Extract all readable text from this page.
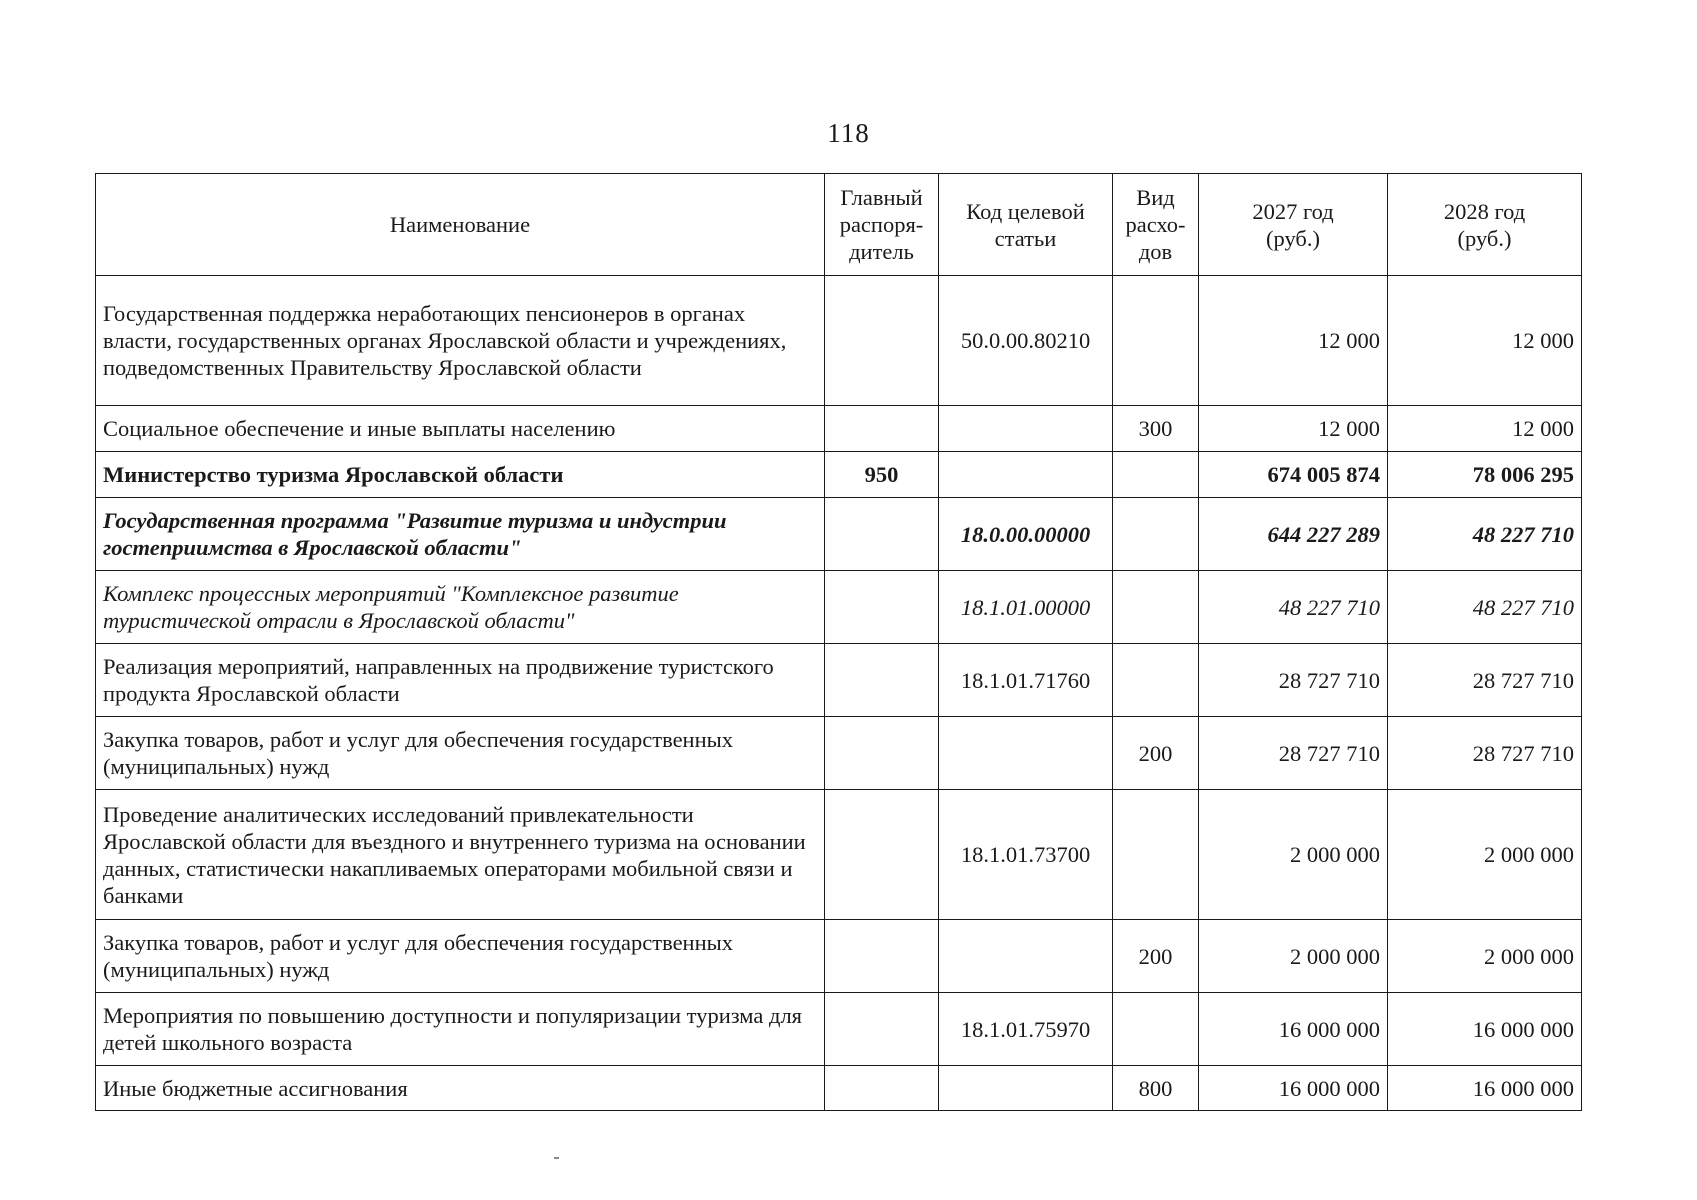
118
Наименование	Главный
распоря-
дитель	Код целевой
статьи	Вид
расхо-
дов	2027 год
(руб.)	2028 год
(руб.)

Государственная поддержка неработающих пенсионеров в органах власти, государственных органах Ярославской области и учреждениях, подведомственных Правительству Ярославской области		50.0.00.80210		12 000	12 000
Социальное обеспечение и иные выплаты населению			300	12 000	12 000
Министерство туризма Ярославской области	950			674 005 874	78 006 295
Государственная программа "Развитие туризма и индустрии гостеприимства в Ярославской области"		18.0.00.00000		644 227 289	48 227 710
Комплекс процессных мероприятий "Комплексное развитие туристической отрасли в Ярославской области"		18.1.01.00000		48 227 710	48 227 710
Реализация мероприятий, направленных на продвижение туристского продукта Ярославской области		18.1.01.71760		28 727 710	28 727 710
Закупка товаров, работ и услуг для обеспечения государственных (муниципальных) нужд			200	28 727 710	28 727 710
Проведение аналитических исследований привлекательности Ярославской области для въездного и внутреннего туризма на основании данных, статистически накапливаемых операторами мобильной связи и банками		18.1.01.73700		2 000 000	2 000 000
Закупка товаров, работ и услуг для обеспечения государственных (муниципальных) нужд			200	2 000 000	2 000 000
Мероприятия по повышению доступности и популяризации туризма для детей школьного возраста		18.1.01.75970		16 000 000	16 000 000
Иные бюджетные ассигнования			800	16 000 000	16 000 000
